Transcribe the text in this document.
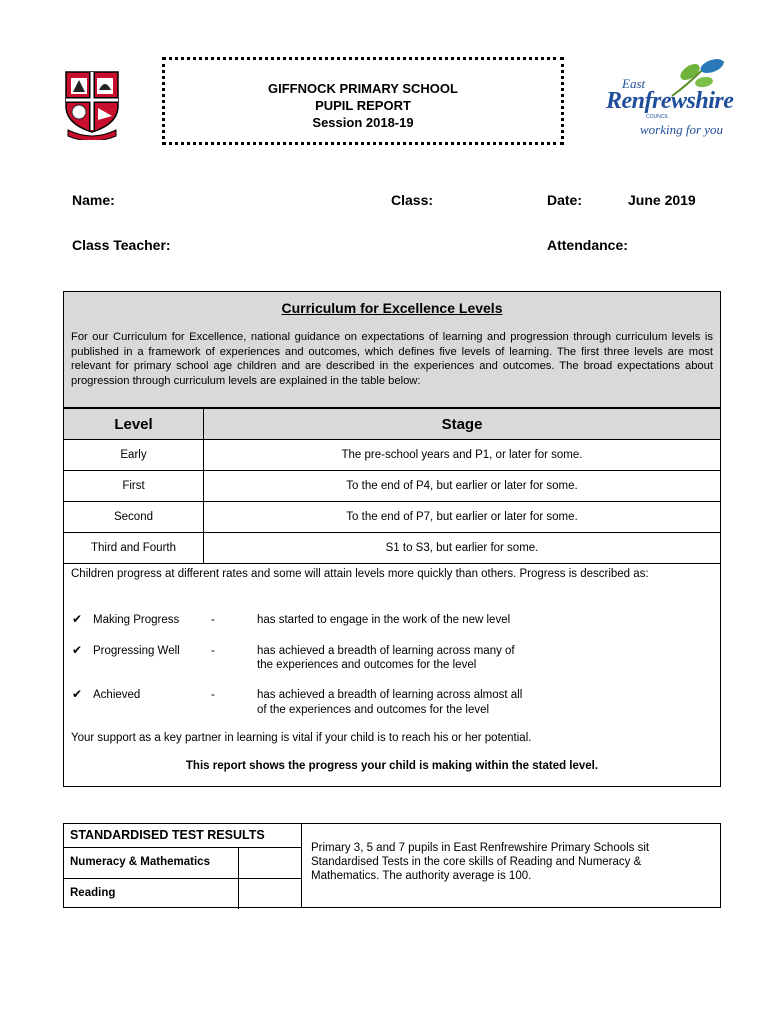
GIFFNOCK PRIMARY SCHOOL
PUPIL REPORT
Session 2018-19
East
Renfrewshire
COUNCIL
working for you
Name:	Class:	Date:	June 2019
Class Teacher:	Attendance:
Curriculum for Excellence Levels
For our Curriculum for Excellence, national guidance on expectations of learning and progression through curriculum levels is published in a framework of experiences and outcomes, which defines five levels of learning. The first three levels are most relevant for primary school age children and are described in the experiences and outcomes. The broad expectations about progression through curriculum levels are explained in the table below:
Level	Stage
Early	The pre-school years and P1, or later for some.
First	To the end of P4, but earlier or later for some.
Second	To the end of P7, but earlier or later for some.
Third and Fourth	S1 to S3, but earlier for some.
Children progress at different rates and some will attain levels more quickly than others. Progress is described as:
✔ Making Progress	-	has started to engage in the work of the new level
✔ Progressing Well	-	has achieved a breadth of learning across many of
the experiences and outcomes for the level
✔ Achieved	-	has achieved a breadth of learning across almost all
of the experiences and outcomes for the level
Your support as a key partner in learning is vital if your child is to reach his or her potential.
This report shows the progress your child is making within the stated level.
STANDARDISED TEST RESULTS
Numeracy & Mathematics
Reading
Primary 3, 5 and 7 pupils in East Renfrewshire Primary Schools sit Standardised Tests in the core skills of Reading and Numeracy & Mathematics. The authority average is 100.
